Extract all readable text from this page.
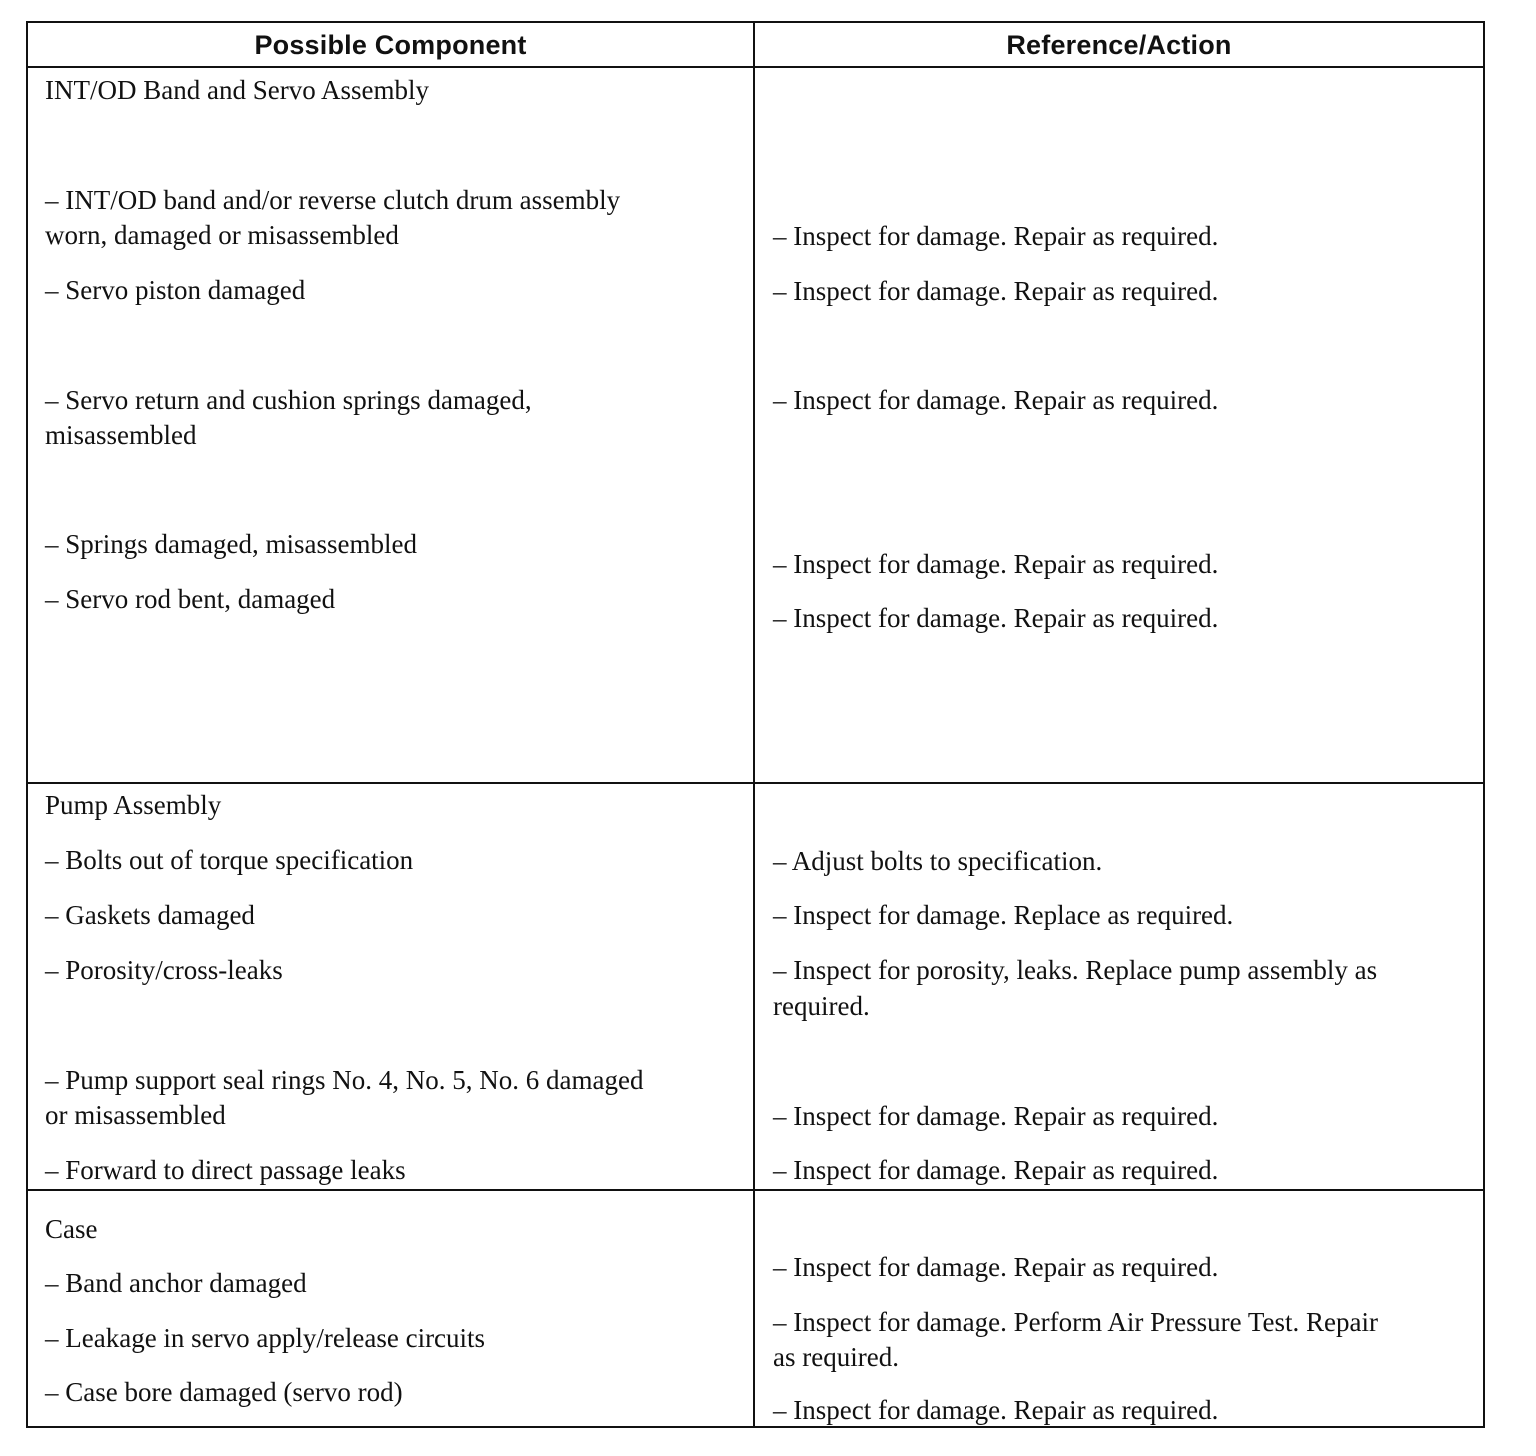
Possible Component	Reference/Action
INT/OD Band and Servo Assembly
– INT/OD band and/or reverse clutch drum assembly
worn, damaged or misassembled
– Servo piston damaged
– Servo return and cushion springs damaged,
misassembled
– Springs damaged, misassembled
– Servo rod bent, damaged
– Inspect for damage. Repair as required.
– Inspect for damage. Repair as required.
– Inspect for damage. Repair as required.
– Inspect for damage. Repair as required.
– Inspect for damage. Repair as required.
Pump Assembly
– Bolts out of torque specification
– Gaskets damaged
– Porosity/cross-leaks
– Pump support seal rings No. 4, No. 5, No. 6 damaged
or misassembled
– Forward to direct passage leaks
– Adjust bolts to specification.
– Inspect for damage. Replace as required.
– Inspect for porosity, leaks. Replace pump assembly as
required.
– Inspect for damage. Repair as required.
– Inspect for damage. Repair as required.
Case
– Band anchor damaged
– Leakage in servo apply/release circuits
– Case bore damaged (servo rod)
– Inspect for damage. Repair as required.
– Inspect for damage. Perform Air Pressure Test. Repair
as required.
– Inspect for damage. Repair as required.
